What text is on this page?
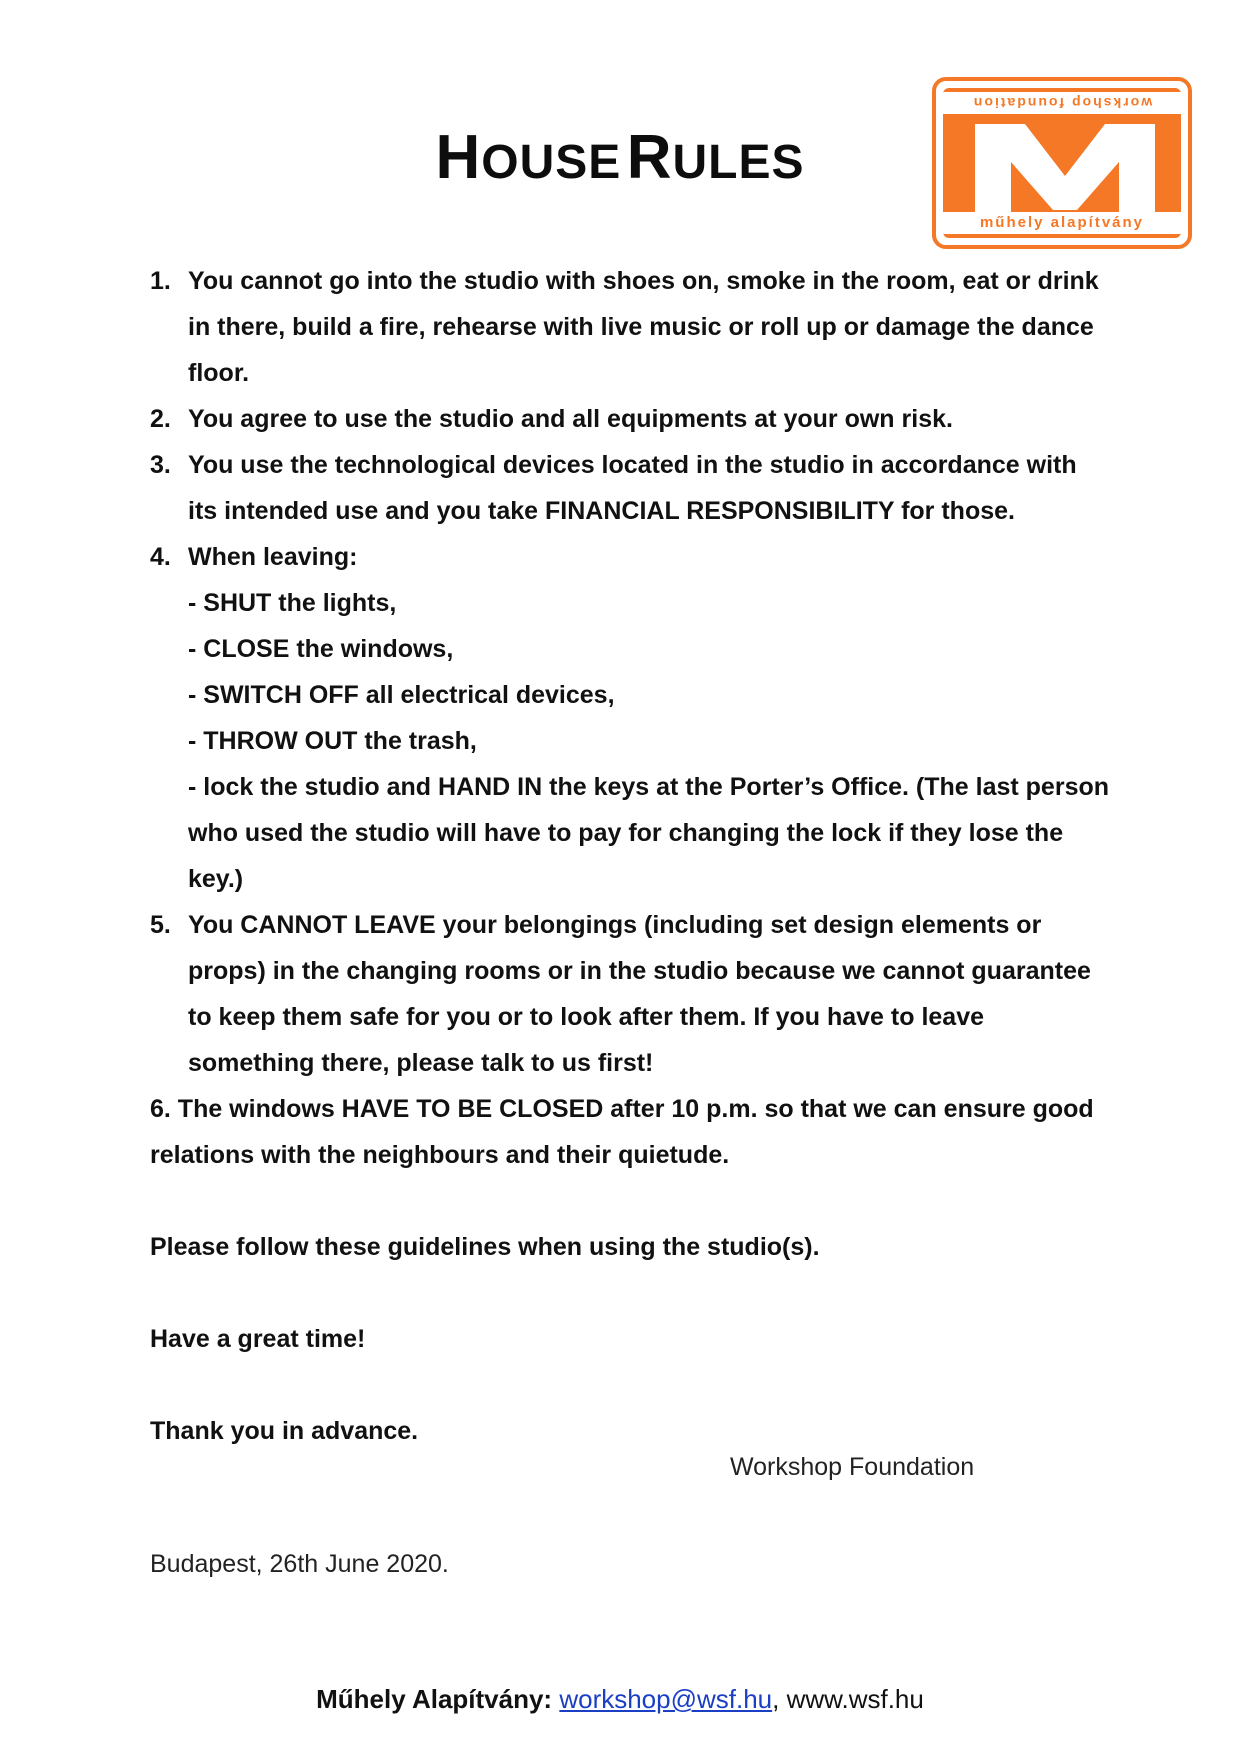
HOUSE RULES
workshop foundation
műhely alapítvány
1. You cannot go into the studio with shoes on, smoke in the room, eat or drink in there, build a fire, rehearse with live music or roll up or damage the dance floor.
2. You agree to use the studio and all equipments at your own risk.
3. You use the technological devices located in the studio in accordance with its intended use and you take FINANCIAL RESPONSIBILITY for those.
4. When leaving:
- SHUT the lights,
- CLOSE the windows,
- SWITCH OFF all electrical devices,
- THROW OUT the trash,
- lock the studio and HAND IN the keys at the Porter’s Office. (The last person who used the studio will have to pay for changing the lock if they lose the key.)
5. You CANNOT LEAVE your belongings (including set design elements or props) in the changing rooms or in the studio because we cannot guarantee to keep them safe for you or to look after them. If you have to leave something there, please talk to us first!
6. The windows HAVE TO BE CLOSED after 10 p.m. so that we can ensure good relations with the neighbours and their quietude.
Please follow these guidelines when using the studio(s).
Have a great time!
Thank you in advance.
Workshop Foundation
Budapest, 26th June 2020.
Műhely Alapítvány: workshop@wsf.hu, www.wsf.hu
